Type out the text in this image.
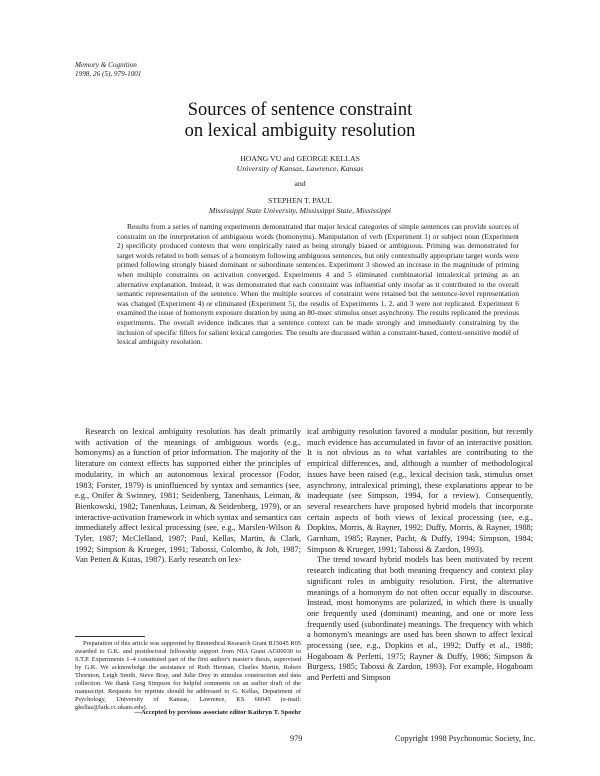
Memory & Cognition
1998, 26 (5), 979-1001
Sources of sentence constraint
on lexical ambiguity resolution
HOANG VU and GEORGE KELLAS
University of Kansas, Lawrence, Kansas
and
STEPHEN T. PAUL
Mississippi State University, Mississippi State, Mississippi
Results from a series of naming experiments demonstrated that major lexical categories of simple sentences can provide sources of constraint on the interpretation of ambiguous words (homonyms). Manipulation of verb (Experiment 1) or subject noun (Experiment 2) specificity produced contexts that were empirically rated as being strongly biased or ambiguous. Priming was demonstrated for target words related to both senses of a homonym following ambiguous sentences, but only contextually appropriate target words were primed following strongly biased dominant or subordinate sentences. Experiment 3 showed an increase in the magnitude of priming when multiple constraints on activation converged. Experiments 4 and 5 eliminated combinatorial intralexical priming as an alternative explanation. Instead, it was demonstrated that each constraint was influential only insofar as it contributed to the overall semantic representation of the sentence. When the multiple sources of constraint were retained but the sentence-level representation was changed (Experiment 4) or eliminated (Experiment 5), the results of Experiments 1, 2, and 3 were not replicated. Experiment 6 examined the issue of homonym exposure duration by using an 80-msec stimulus onset asynchrony. The results replicated the previous experiments. The overall evidence indicates that a sentence context can be made strongly and immediately constraining by the inclusion of specific fillers for salient lexical categories. The results are discussed within a constraint-based, context-sensitive model of lexical ambiguity resolution.

Research on lexical ambiguity resolution has dealt primarily with activation of the meanings of ambiguous words (e.g., homonyms) as a function of prior information. The majority of the literature on context effects has supported either the principles of modularity, in which an autonomous lexical processor (Fodor, 1983; Forster, 1979) is uninfluenced by syntax and semantics (see, e.g., Onifer & Swinney, 1981; Seidenberg, Tanenhaus, Leiman, & Bienkowski, 1982; Tanenhaus, Leiman, & Seidenberg, 1979), or an interactive-activation framework in which syntax and semantics can immediately affect lexical processing (see, e.g., Marslen-Wilson & Tyler, 1987; McClelland, 1987; Paul, Kellas, Martin, & Clark, 1992; Simpson & Krueger, 1991; Tabossi, Colombo, & Job, 1987; Van Petten & Kutas, 1987). Early research on lex-

ical ambiguity resolution favored a modular position, but recently much evidence has accumulated in favor of an interactive position. It is not obvious as to what variables are contributing to the empirical differences, and, although a number of methodological issues have been raised (e.g., lexical decision task, stimulus onset asynchrony, intralexical priming), these explanations appear to be inadequate (see Simpson, 1994, for a review). Consequently, several researchers have proposed hybrid models that incorporate certain aspects of both views of lexical processing (see, e.g., Dopkins, Morris, & Rayner, 1992; Duffy, Morris, & Rayner, 1988; Garnham, 1985; Rayner, Pacht, & Duffy, 1994; Simpson, 1984; Simpson & Krueger, 1991; Tabossi & Zardon, 1993).

The trend toward hybrid models has been motivated by recent research indicating that both meaning frequency and context play significant roles in ambiguity resolution. First, the alternative meanings of a homonym do not often occur equally in discourse. Instead, most homonyms are polarized, in which there is usually one frequently used (dominant) meaning, and one or more less frequently used (subordinate) meanings. The frequency with which a homonym's meanings are used has been shown to affect lexical processing (see, e.g., Dopkins et al., 1992; Duffy et al., 1988; Hogaboam & Perfetti, 1975; Rayner & Duffy, 1986; Simpson & Burgess, 1985; Tabossi & Zardon, 1993). For example, Hogaboam and Perfetti and Simpson

Preparation of this article was supported by Biomedical Research Grant R15045 R05 awarded to G.K. and postdoctoral fellowship support from NIA Grant AG00030 to S.T.P. Experiments 1–4 constituted part of the first author's master's thesis, supervised by G.K. We acknowledge the assistance of Ruth Herman, Charles Martin, Robert Thornton, Leigh Smith, Steve Bray, and Julie Drey in stimulus construction and data collection. We thank Greg Simpson for helpful comments on an earlier draft of the manuscript. Requests for reprints should be addressed to G. Kellas, Department of Psychology, University of Kansas, Lawrence, KS 66045 (e-mail: gkellas@lark.cc.ukans.edu).
—Accepted by previous associate editor Kathryn T. Spoehr
979	Copyright 1998 Psychonomic Society, Inc.
